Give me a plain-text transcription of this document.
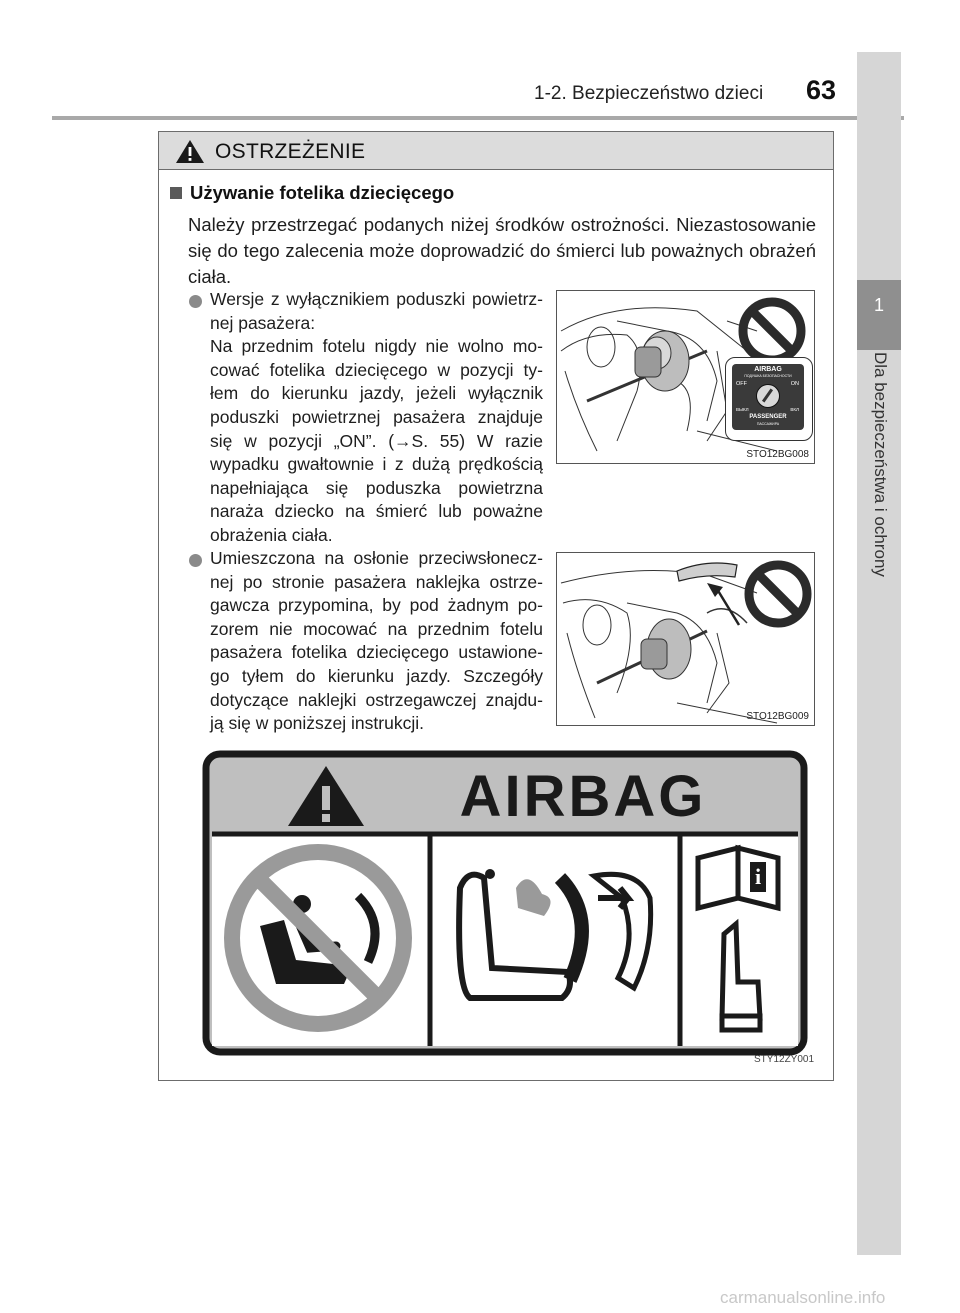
1-2. Bezpieczeństwo dzieci 63
1
Dla bezpieczeństwa i ochrony
OSTRZEŻENIE
Używanie fotelika dziecięcego
Należy przestrzegać podanych niżej środków ostrożności. Niezastosowanie się do tego zalecenia może doprowadzić do śmierci lub poważnych obrażeń ciała.
Wersje z wyłącznikiem poduszki powietrz-nej pasażera:
Na przednim fotelu nigdy nie wolno mo-cować fotelika dziecięcego w pozycji ty-łem do kierunku jazdy, jeżeli wyłącznik poduszki powietrznej pasażera znajduje się w pozycji „ON”. (→S. 55) W razie wypadku gwałtownie i z dużą prędkością napełniająca się poduszka powietrzna naraża dziecko na śmierć lub poważne obrażenia ciała.
AIRBAG
ПОДУШКА БЕЗОПАСНОСТИ
OFF	ON
ВЫКЛ	ВКЛ
PASSENGER
ПАССАЖИРА
STO12BG008
Umieszczona na osłonie przeciwsłonecz-nej po stronie pasażera naklejka ostrze-gawcza przypomina, by pod żadnym po-zorem nie mocować na przednim fotelu pasażera fotelika dziecięcego ustawione-go tyłem do kierunku jazdy. Szczegóły dotyczące naklejki ostrzegawczej znajdu-ją się w poniższej instrukcji.	STO12BG009
AIRBAG
i
STY12ZY001
carmanualsonline.info
